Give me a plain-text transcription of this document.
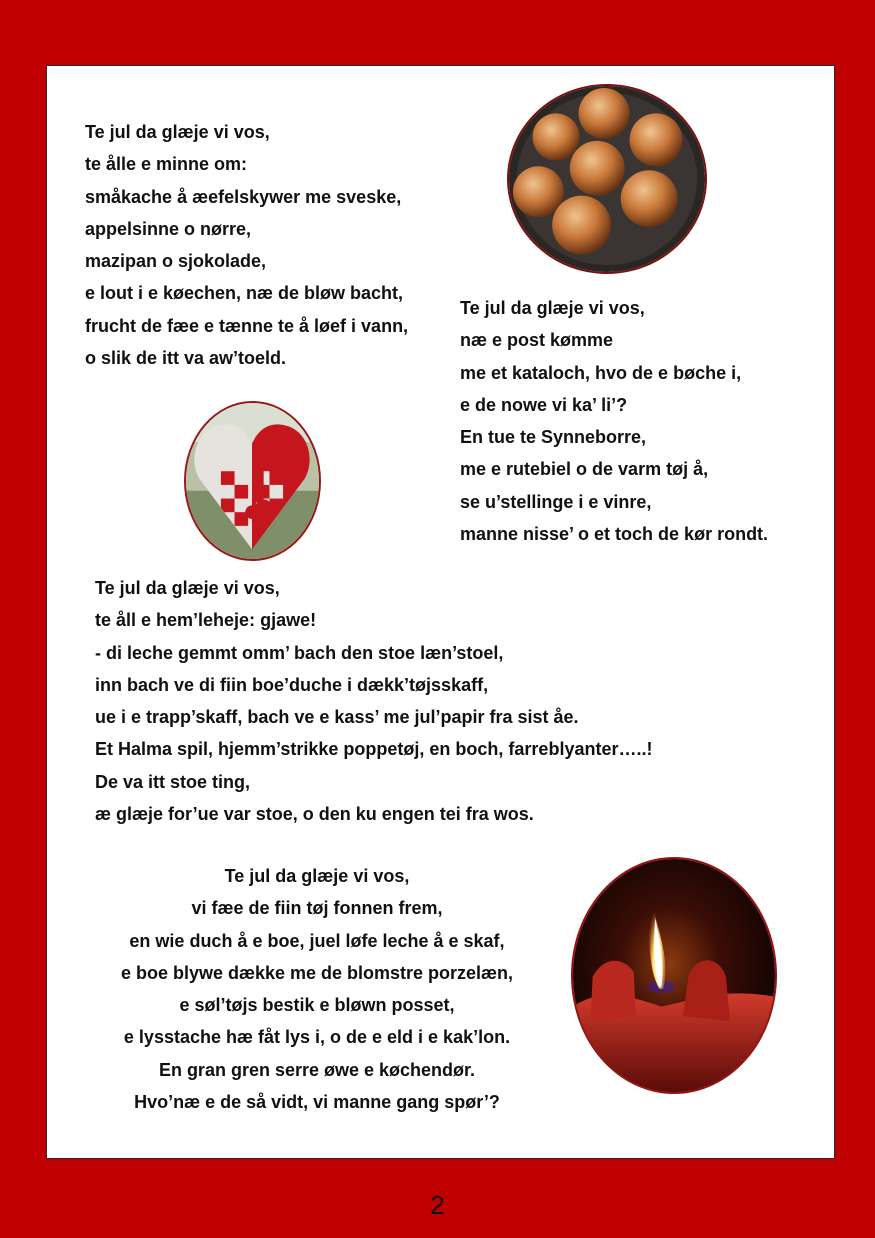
Te jul da glæje vi vos,
te ålle e minne om:
småkache å æefelskywer me sveske,
appelsinne o nørre,
mazipan o sjokolade,
e lout i e køechen, næ de bløw bacht,
frucht de fæe e tænne te å løef i vann,
o slik de itt va aw’toeld.
Te jul da glæje vi vos,
næ e post kømme
me et kataloch, hvo de e bøche i,
e de nowe vi ka’ li’?
En tue te Synneborre,
me e rutebiel o de varm tøj å,
se u’stellinge i e vinre,
manne nisse’ o et toch de kør rondt.
Te jul da glæje vi vos,
te åll e hem’leheje: gjawe!
- di leche gemmt omm’ bach den stoe læn’stoel,
inn bach ve di fiin boe’duche i dækk’tøjsskaff,
ue i e trapp’skaff, bach ve e kass’ me jul’papir fra sist åe.
Et Halma spil, hjemm’strikke poppetøj, en boch, farreblyanter…..!
De va itt stoe ting,
æ glæje for’ue var stoe, o den ku engen tei fra wos.
Te jul da glæje vi vos,
vi fæe de fiin tøj fonnen frem,
en wie duch å e boe, juel løfe leche å e skaf,
e boe blywe dække me de blomstre porzelæn,
e søl’tøjs bestik e bløwn posset,
e lysstache hæ fåt lys i, o de e eld i e kak’lon.
En gran gren serre øwe e køchendør.
Hvo’næ e de så vidt, vi manne gang spør’?
2
